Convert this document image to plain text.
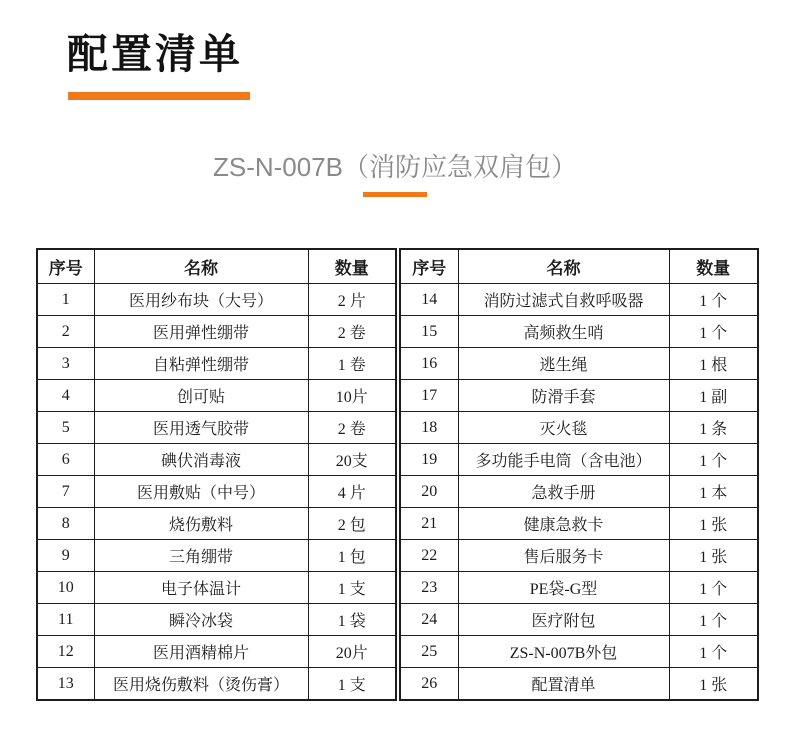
配置清单
ZS-N-007B（消防应急双肩包）
序号	名称	数量
1	医用纱布块（大号）	2 片
2	医用弹性绷带	2 卷
3	自粘弹性绷带	1 卷
4	创可贴	10片
5	医用透气胶带	2 卷
6	碘伏消毒液	20支
7	医用敷贴（中号）	4 片
8	烧伤敷料	2 包
9	三角绷带	1 包
10	电子体温计	1 支
11	瞬冷冰袋	1 袋
12	医用酒精棉片	20片
13	医用烧伤敷料（烫伤膏）	1 支
序号	名称	数量
14	消防过滤式自救呼吸器	1 个
15	高频救生哨	1 个
16	逃生绳	1 根
17	防滑手套	1 副
18	灭火毯	1 条
19	多功能手电筒（含电池）	1 个
20	急救手册	1 本
21	健康急救卡	1 张
22	售后服务卡	1 张
23	PE袋-G型	1 个
24	医疗附包	1 个
25	ZS-N-007B外包	1 个
26	配置清单	1 张
